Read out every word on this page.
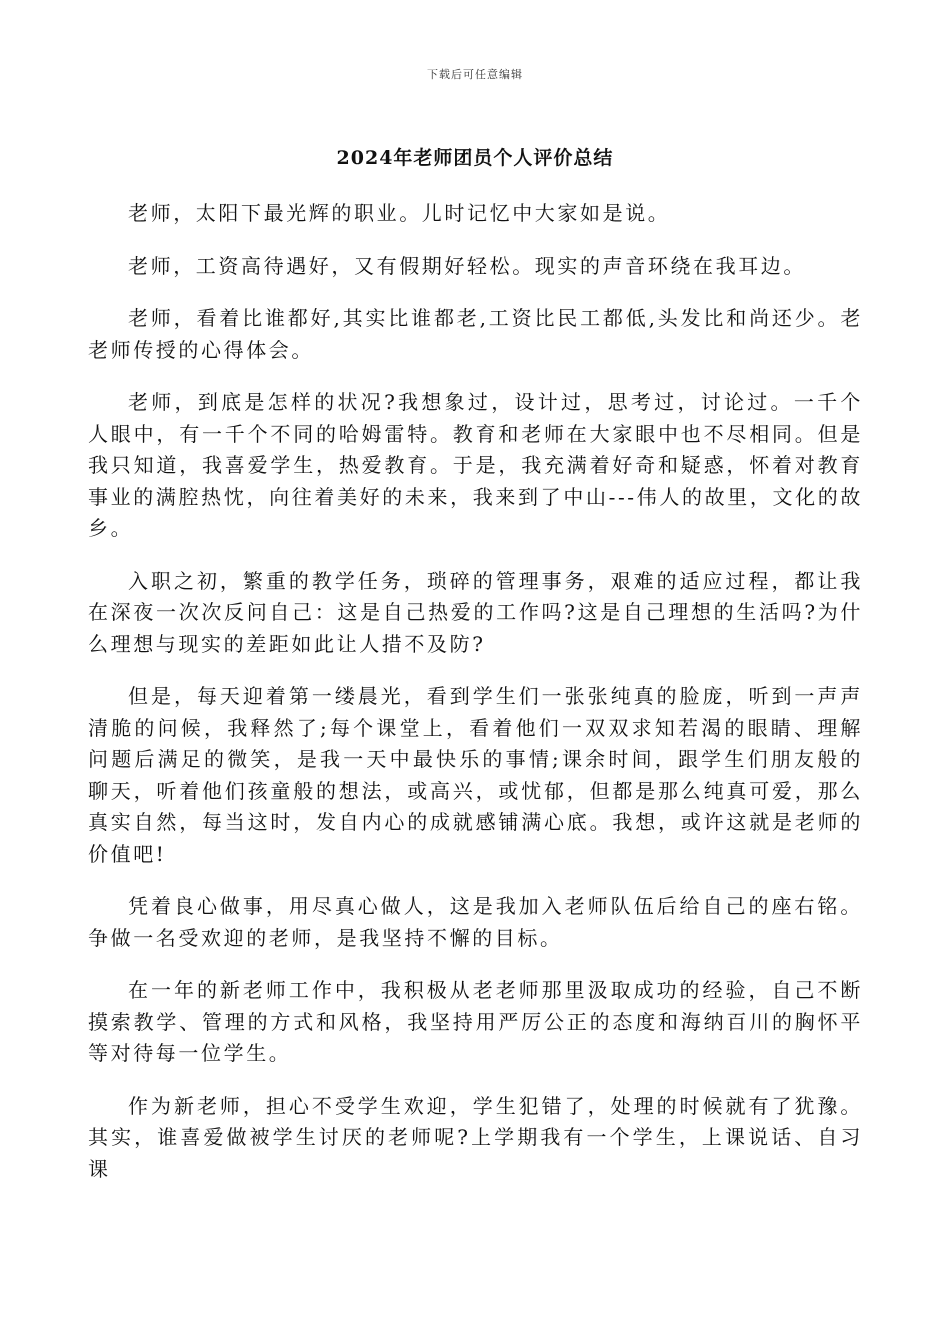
下载后可任意编辑
2024年老师团员个人评价总结

老师，太阳下最光辉的职业。儿时记忆中大家如是说。

老师，工资高待遇好，又有假期好轻松。现实的声音环绕在我耳边。

老师，看着比谁都好,其实比谁都老,工资比民工都低,头发比和尚还少。老老师传授的心得体会。

老师，到底是怎样的状况?我想象过，设计过，思考过，讨论过。一千个人眼中，有一千个不同的哈姆雷特。教育和老师在大家眼中也不尽相同。但是我只知道，我喜爱学生，热爱教育。于是，我充满着好奇和疑惑，怀着对教育事业的满腔热忱，向往着美好的未来，我来到了中山---伟人的故里，文化的故乡。

入职之初，繁重的教学任务，琐碎的管理事务，艰难的适应过程，都让我在深夜一次次反问自己：这是自己热爱的工作吗?这是自己理想的生活吗?为什么理想与现实的差距如此让人措不及防?

但是，每天迎着第一缕晨光，看到学生们一张张纯真的脸庞，听到一声声清脆的问候，我释然了;每个课堂上，看着他们一双双求知若渴的眼睛、理解问题后满足的微笑，是我一天中最快乐的事情;课余时间，跟学生们朋友般的聊天，听着他们孩童般的想法，或高兴，或忧郁，但都是那么纯真可爱，那么真实自然，每当这时，发自内心的成就感铺满心底。我想，或许这就是老师的价值吧!

凭着良心做事，用尽真心做人，这是我加入老师队伍后给自己的座右铭。争做一名受欢迎的老师，是我坚持不懈的目标。

在一年的新老师工作中，我积极从老老师那里汲取成功的经验，自己不断摸索教学、管理的方式和风格，我坚持用严厉公正的态度和海纳百川的胸怀平等对待每一位学生。

作为新老师，担心不受学生欢迎，学生犯错了，处理的时候就有了犹豫。其实，谁喜爱做被学生讨厌的老师呢?上学期我有一个学生，上课说话、自习课
